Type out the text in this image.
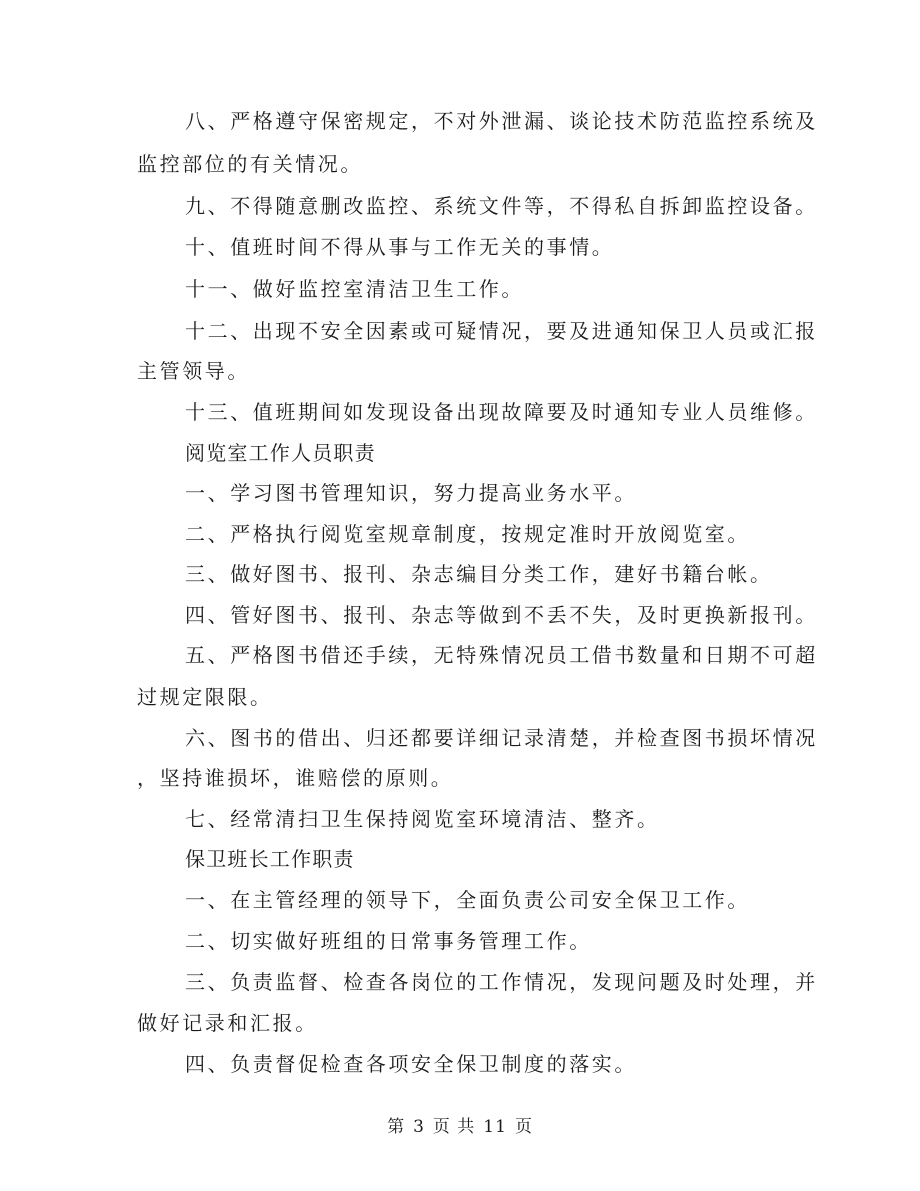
八、严格遵守保密规定，不对外泄漏、谈论技术防范监控系统及
监控部位的有关情况。
九、不得随意删改监控、系统文件等，不得私自拆卸监控设备。
十、值班时间不得从事与工作无关的事情。
十一、做好监控室清洁卫生工作。
十二、出现不安全因素或可疑情况，要及进通知保卫人员或汇报
主管领导。
十三、值班期间如发现设备出现故障要及时通知专业人员维修。
阅览室工作人员职责
一、学习图书管理知识，努力提高业务水平。
二、严格执行阅览室规章制度，按规定准时开放阅览室。
三、做好图书、报刊、杂志编目分类工作，建好书籍台帐。
四、管好图书、报刊、杂志等做到不丢不失，及时更换新报刊。
五、严格图书借还手续，无特殊情况员工借书数量和日期不可超
过规定限限。
六、图书的借出、归还都要详细记录清楚，并检查图书损坏情况
，坚持谁损坏，谁赔偿的原则。
七、经常清扫卫生保持阅览室环境清洁、整齐。
保卫班长工作职责
一、在主管经理的领导下，全面负责公司安全保卫工作。
二、切实做好班组的日常事务管理工作。
三、负责监督、检查各岗位的工作情况，发现问题及时处理，并
做好记录和汇报。
四、负责督促检查各项安全保卫制度的落实。
第 3 页 共 11 页
